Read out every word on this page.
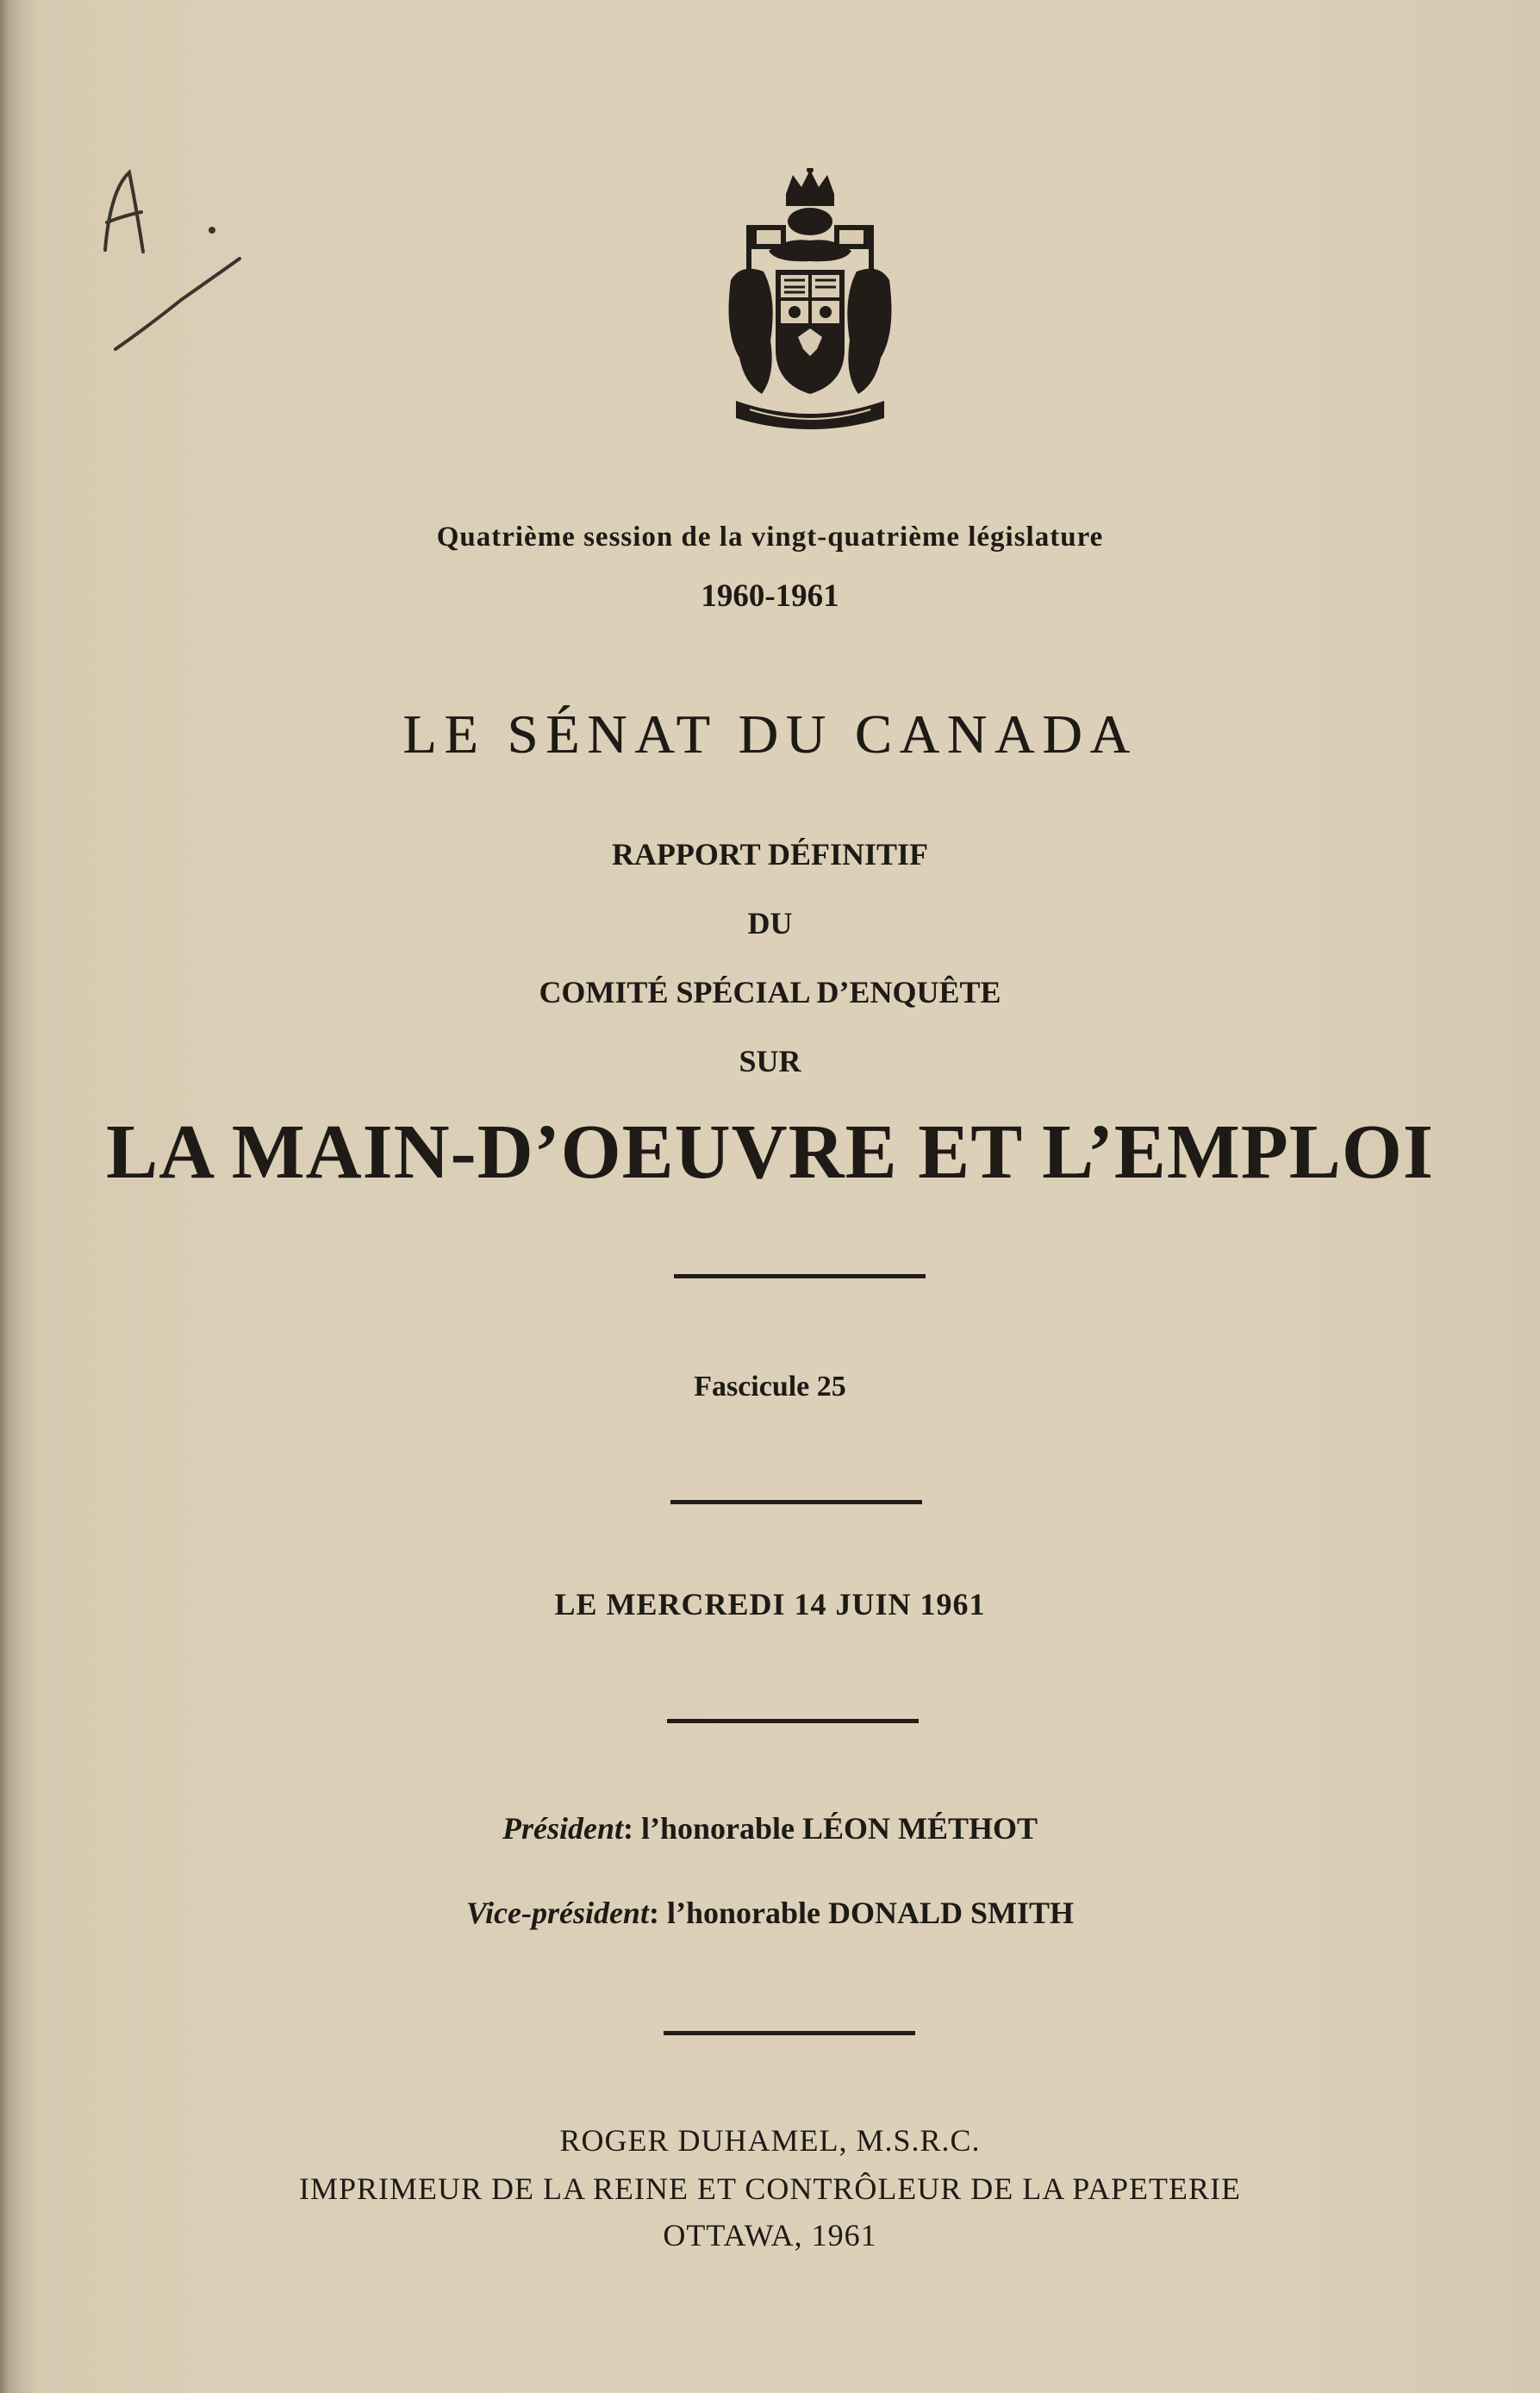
Quatrième session de la vingt-quatrième législature
1960-1961
LE SÉNAT DU CANADA
RAPPORT DÉFINITIF
DU
COMITÉ SPÉCIAL D’ENQUÊTE
SUR
LA MAIN-D’OEUVRE ET L’EMPLOI
Fascicule 25
LE MERCREDI 14 JUIN 1961
Président: l’honorable LÉON MÉTHOT
Vice-président: l’honorable DONALD SMITH
ROGER DUHAMEL, M.S.R.C.
IMPRIMEUR DE LA REINE ET CONTRÔLEUR DE LA PAPETERIE
OTTAWA, 1961
